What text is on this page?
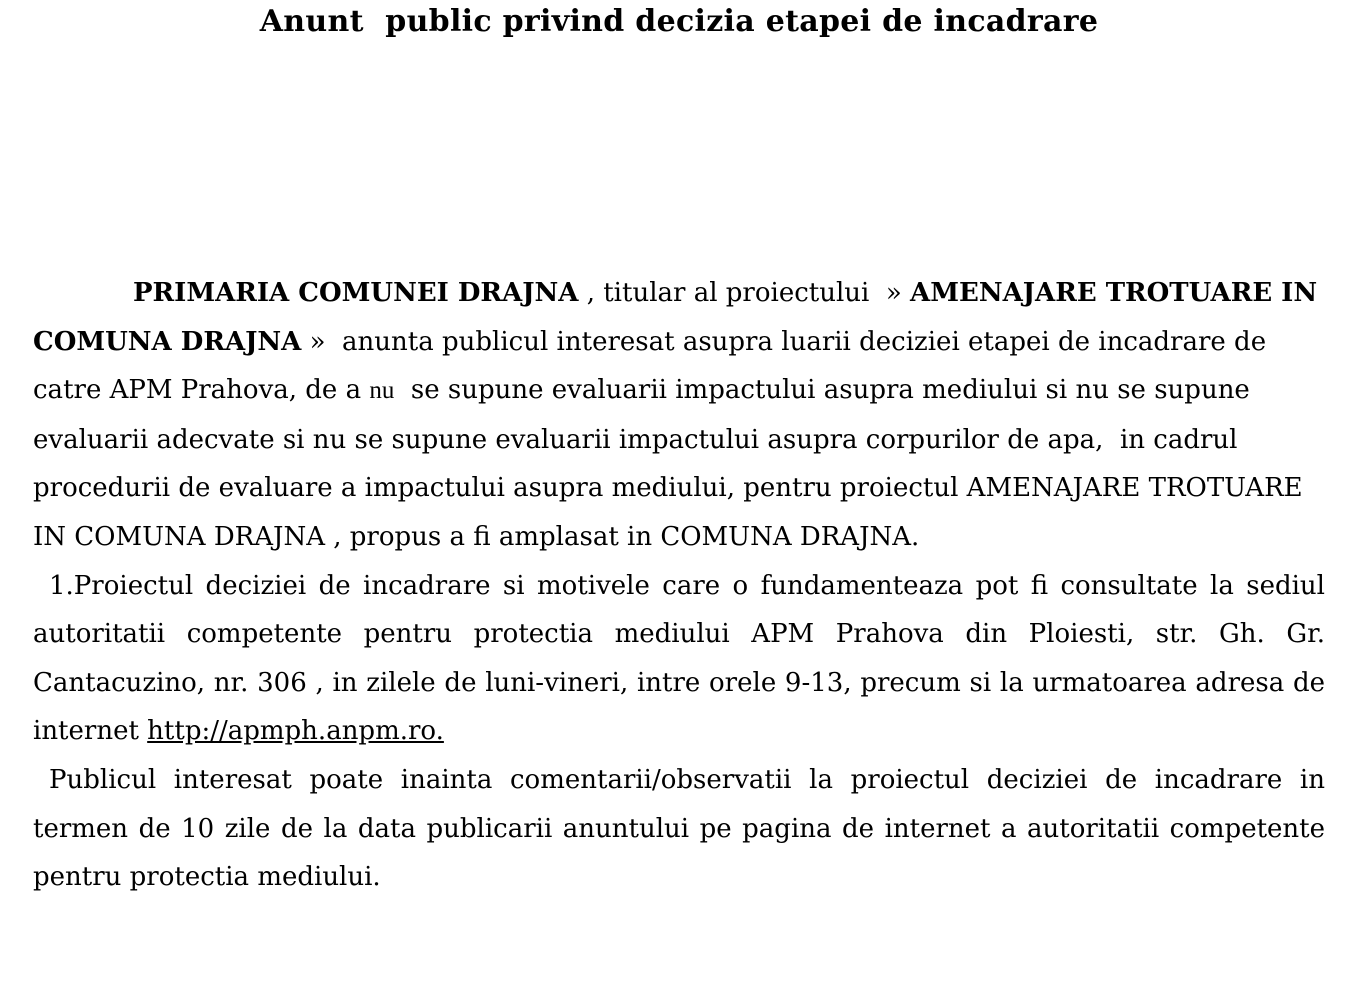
Anunt  public privind decizia etapei de incadrare

PRIMARIA COMUNEI DRAJNA , titular al proiectului  » AMENAJARE TROTUARE IN COMUNA DRAJNA »  anunta publicul interesat asupra luarii deciziei etapei de incadrare de catre APM Prahova, de a nu  se supune evaluarii impactului asupra mediului si nu se supune evaluarii adecvate si nu se supune evaluarii impactului asupra corpurilor de apa,  in cadrul procedurii de evaluare a impactului asupra mediului, pentru proiectul AMENAJARE TROTUARE IN COMUNA DRAJNA , propus a fi amplasat in COMUNA DRAJNA.

1.Proiectul deciziei de incadrare si motivele care o fundamenteaza pot fi consultate la sediul autoritatii competente pentru protectia mediului APM Prahova din Ploiesti, str. Gh. Gr. Cantacuzino, nr. 306 , in zilele de luni-vineri, intre orele 9-13, precum si la urmatoarea adresa de internet http://apmph.anpm.ro.

Publicul interesat poate inainta comentarii/observatii la proiectul deciziei de incadrare in termen de 10 zile de la data publicarii anuntului pe pagina de internet a autoritatii competente pentru protectia mediului.
